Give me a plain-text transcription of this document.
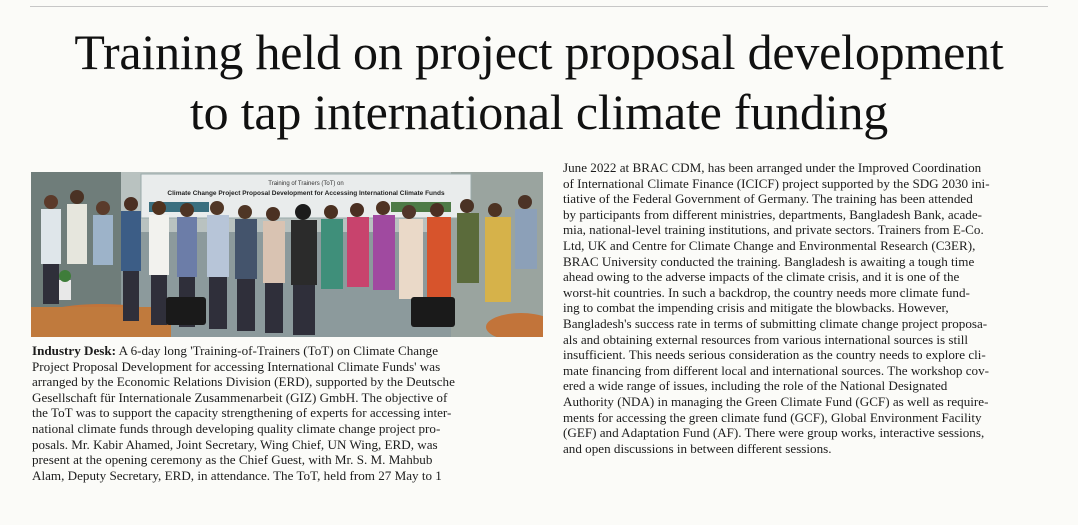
Training held on project proposal development
to tap international climate funding
Training of Trainers (ToT) on
Climate Change Project Proposal Development for Accessing International Climate Funds
Industry Desk: A 6-day long 'Training-of-Trainers (ToT) on Climate Change
Project Proposal Development for accessing International Climate Funds' was
arranged by the Economic Relations Division (ERD), supported by the Deutsche
Gesellschaft für Internationale Zusammenarbeit (GIZ) GmbH. The objective of
the ToT was to support the capacity strengthening of experts for accessing inter-
national climate funds through developing quality climate change project pro-
posals. Mr. Kabir Ahamed, Joint Secretary, Wing Chief, UN Wing, ERD, was
present at the opening ceremony as the Chief Guest, with Mr. S. M. Mahbub
Alam, Deputy Secretary, ERD, in attendance. The ToT, held from 27 May to 1
June 2022 at BRAC CDM, has been arranged under the Improved Coordination
of International Climate Finance (ICICF) project supported by the SDG 2030 ini-
tiative of the Federal Government of Germany. The training has been attended
by participants from different ministries, departments, Bangladesh Bank, acade-
mia, national-level training institutions, and private sectors. Trainers from E-Co.
Ltd, UK and Centre for Climate Change and Environmental Research (C3ER),
BRAC University conducted the training. Bangladesh is awaiting a tough time
ahead owing to the adverse impacts of the climate crisis, and it is one of the
worst-hit countries. In such a backdrop, the country needs more climate fund-
ing to combat the impending crisis and mitigate the blowbacks. However,
Bangladesh's success rate in terms of submitting climate change project proposa-
als and obtaining external resources from various international sources is still
insufficient. This needs serious consideration as the country needs to explore cli-
mate financing from different local and international sources. The workshop cov-
ered a wide range of issues, including the role of the National Designated
Authority (NDA) in managing the Green Climate Fund (GCF) as well as require-
ments for accessing the green climate fund (GCF), Global Environment Facility
(GEF) and Adaptation Fund (AF). There were group works, interactive sessions,
and open discussions in between different sessions.
